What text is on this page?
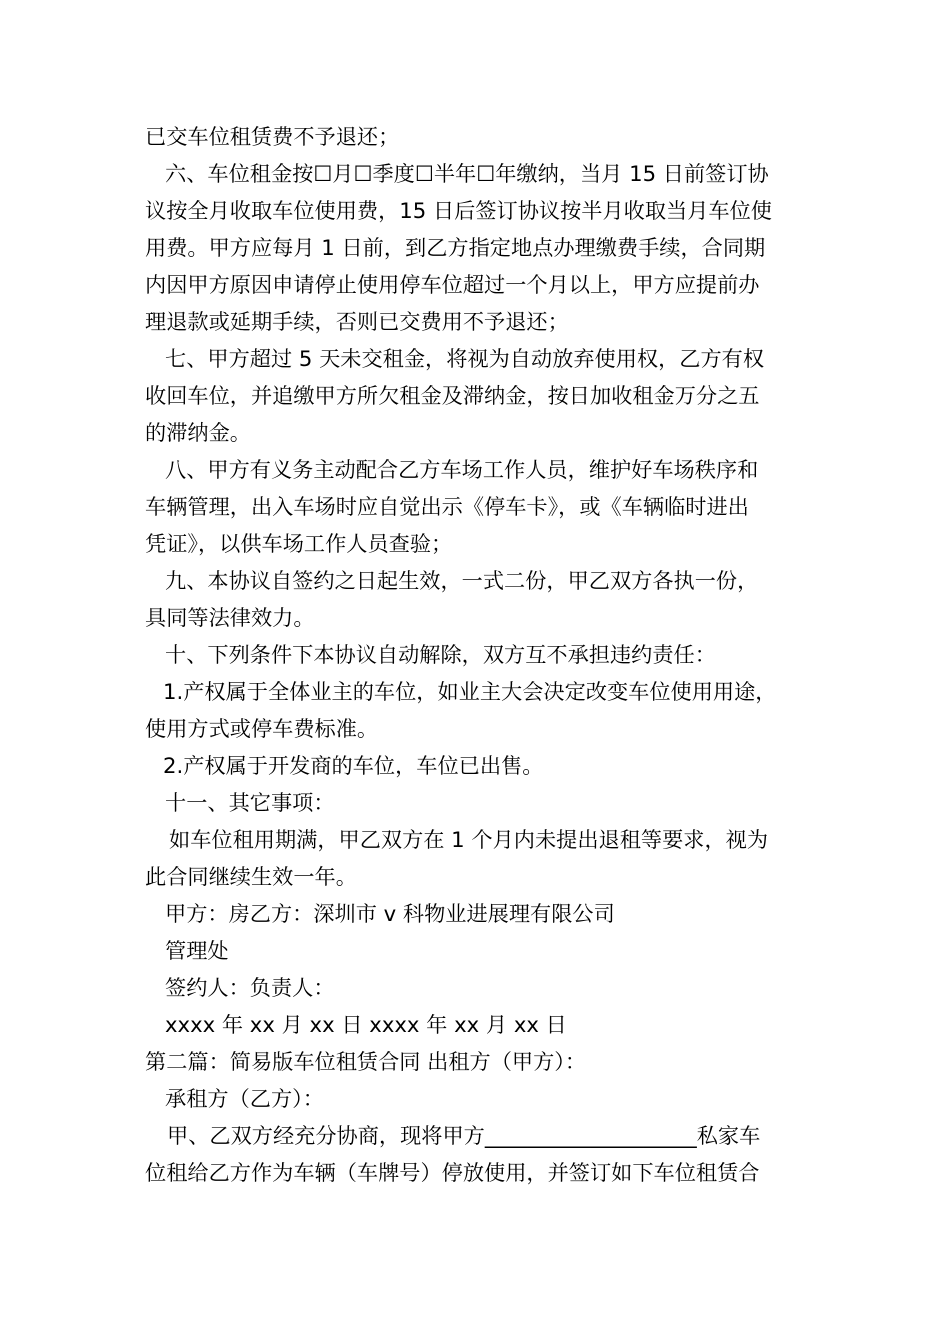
已交车位租赁费不予退还；
六、车位租金按☐月☐季度☐半年☐年缴纳，当月 15 日前签订协
议按全月收取车位使用费，15 日后签订协议按半月收取当月车位使
用费。甲方应每月 1 日前，到乙方指定地点办理缴费手续，合同期
内因甲方原因申请停止使用停车位超过一个月以上，甲方应提前办
理退款或延期手续，否则已交费用不予退还；
七、甲方超过 5 天未交租金，将视为自动放弃使用权，乙方有权
收回车位，并追缴甲方所欠租金及滞纳金，按日加收租金万分之五
的滞纳金。
八、甲方有义务主动配合乙方车场工作人员，维护好车场秩序和
车辆管理，出入车场时应自觉出示《停车卡》，或《车辆临时进出
凭证》，以供车场工作人员查验；
九、本协议自签约之日起生效，一式二份，甲乙双方各执一份，
具同等法律效力。
十、下列条件下本协议自动解除，双方互不承担违约责任：
1.产权属于全体业主的车位，如业主大会决定改变车位使用用途，
使用方式或停车费标准。
2.产权属于开发商的车位，车位已出售。
十一、其它事项：
如车位租用期满，甲乙双方在 1 个月内未提出退租等要求，视为
此合同继续生效一年。
甲方：房乙方：深圳市 v 科物业进展理有限公司
管理处
签约人：负责人：
xxxx 年 xx 月 xx 日 xxxx 年 xx 月 xx 日
第二篇：简易版车位租赁合同 出租方（甲方）：
承租方（乙方）：
甲、乙双方经充分协商，现将甲方____________________私家车
位租给乙方作为车辆（车牌号）停放使用，并签订如下车位租赁合
